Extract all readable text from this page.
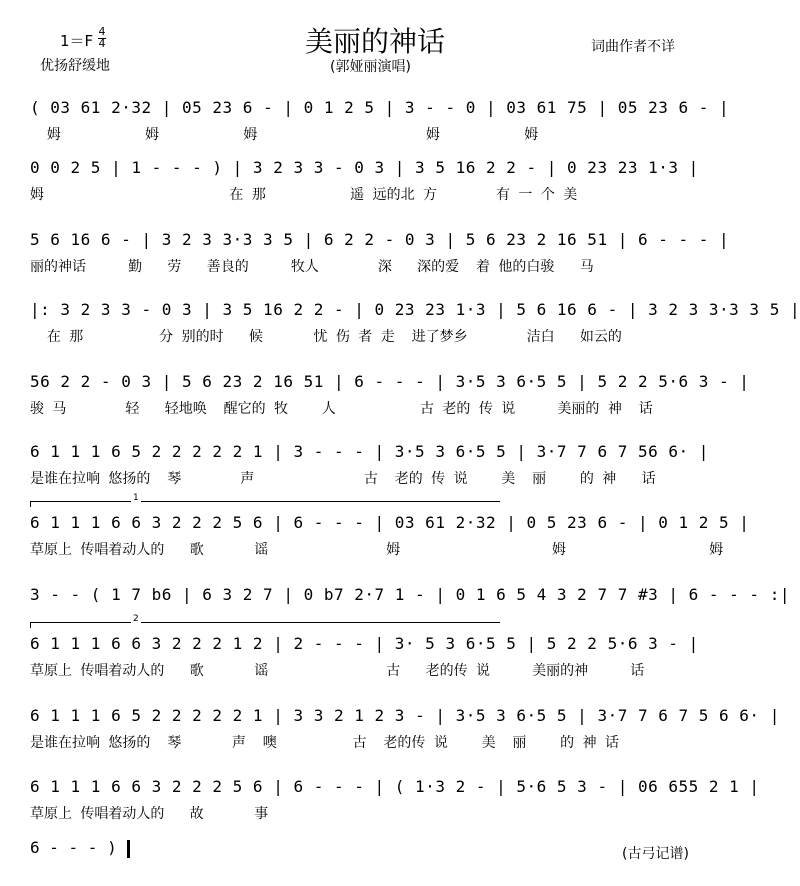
1＝F
4
4
优扬舒缓地
美丽的神话
(郭娅丽演唱)
词曲作者不详
( 03 61 2·32 | 05 23 6 - | 0 1 2 5 | 3 - - 0 | 03 61 75 | 05 23 6 - |
姆          姆          姆                    姆          姆
0 0 2 5 | 1 - - - ) | 3 2 3 3 - 0 3 | 3 5 16 2 2 - | 0 23 23 1·3 |
姆                      在 那          遥 远的北 方       有 一 个 美
5 6 16 6 - | 3 2 3 3·3 3 5 | 6 2 2 - 0 3 | 5 6 23 2 16 51 | 6 - - - |
丽的神话     勤   劳   善良的     牧人       深   深的爱  着 他的白骏   马
|: 3 2 3 3 - 0 3 | 3 5 16 2 2 - | 0 23 23 1·3 | 5 6 16 6 - | 3 2 3 3·3 3 5 |
在 那         分 别的时   候      忧 伤 者 走  进了梦乡       洁白   如云的
56 2 2 - 0 3 | 5 6 23 2 16 51 | 6 - - - | 3·5 3 6·5 5 | 5 2 2 5·6 3 - |
骏 马       轻   轻地唤  醒它的 牧    人          古 老的 传 说     美丽的 神  话
6 1 1 1 6 5 2 2 2 2 2 1 | 3 - - - | 3·5 3 6·5 5 | 3·7 7 6 7 56 6· |
是谁在拉响 悠扬的  琴       声             古  老的 传 说    美  丽    的 神   话
1
6 1 1 1 6 6 3 2 2 2 5 6 | 6 - - - | 03 61 2·32 | 0 5 23 6 - | 0 1 2 5 |
草原上 传唱着动人的   歌      谣              姆                  姆                 姆
3 - - ( 1 7 b6 | 6 3 2 7 | 0 b7 2·7 1 - | 0 1 6 5 4 3 2 7 7 #3 | 6 - - - :|
2
6 1 1 1 6 6 3 2 2 2 1 2 | 2 - - - | 3· 5 3 6·5 5 | 5 2 2 5·6 3 - |
草原上 传唱着动人的   歌      谣              古   老的传 说     美丽的神     话
6 1 1 1 6 5 2 2 2 2 2 1 | 3 3 2 1 2 3 - | 3·5 3 6·5 5 | 3·7 7 6 7 5 6 6· |
是谁在拉响 悠扬的  琴      声  噢         古  老的传 说    美  丽    的 神 话
6 1 1 1 6 6 3 2 2 2 5 6 | 6 - - - | ( 1·3 2 - | 5·6 5 3 - | 06 655 2 1 |
草原上 传唱着动人的   故      事
6 - - - )	(古弓记谱)
